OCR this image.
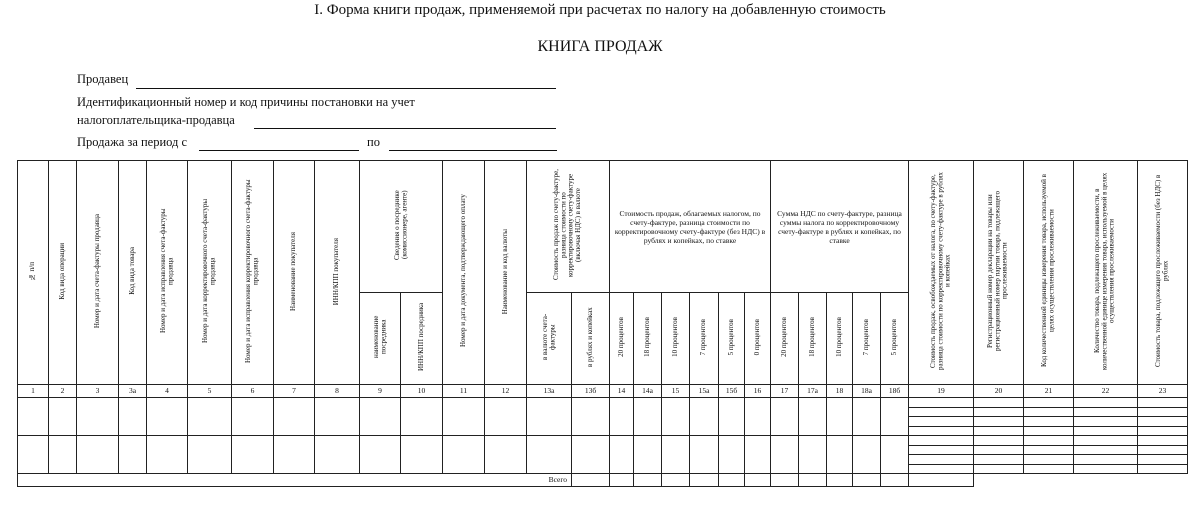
I. Форма книги продаж, применяемой при расчетах по налогу на добавленную стоимость
КНИГА ПРОДАЖ
Продавец
Идентификационный номер и код причины постановки на учет
налогоплательщика-продавца
Продажа за период с	по
№ п/п	Код вида операции	Номер и дата счета-фактуры продавца	Код вида товара	Номер и дата исправления счета-фактуры продавца	Номер и дата корректировочного счета-фактуры продавца	Номер и дата исправления корректировочного счета-фактуры продавца	Наименование покупателя	ИНН/КПП покупателя	Сведения о посреднике (комиссионере, агенте)		Номер и дата документа, подтверждающего оплату	Наименование и код валюты	Стоимость продаж по счету-фактуре, разница стоимости по корректировочному счету-фактуре (включая НДС) в валюте		Стоимость продаж, облагаемых налогом, по счету-фактуре, разница стоимости по корректировочному счету-фактуре (без НДС) в рублях и копейках, по ставке						Сумма НДС по счету-фактуре, разница суммы налога по корректировочному счету-фактуре в рублях и копейках, по ставке					Стоимость продаж, освобождаемых от налога, по счету-фактуре, разница стоимости по корректировочному счету-фактуре в рублях и копейках	Регистрационный номер декларации на товары или регистрационный номер партии товара, подлежащего прослеживаемости	Код количественной единицы измерения товара, используемой в целях осуществления прослеживаемости	Количество товара, подлежащего прослеживаемости, в количественной единице измерения товара, используемой в целях осуществления прослеживаемости	Стоимость товара, подлежащего прослеживаемости (без НДС) в рублях
									наименование посредника	ИНН/КПП посредника			в валюте счета-фактуры	в рублях и копейках	20 процентов	18 процентов	10 процентов	7 процентов	5 процентов	0 процентов	20 процентов	18 процентов	10 процентов	7 процентов	5 процентов					
1	2	3	3а	4	5	6	7	8	9	10	11	12	13а	13б	14	14а	15	15а	15б	16	17	17а	18	18а	18б	19	20	21	22	23

Всего																														
